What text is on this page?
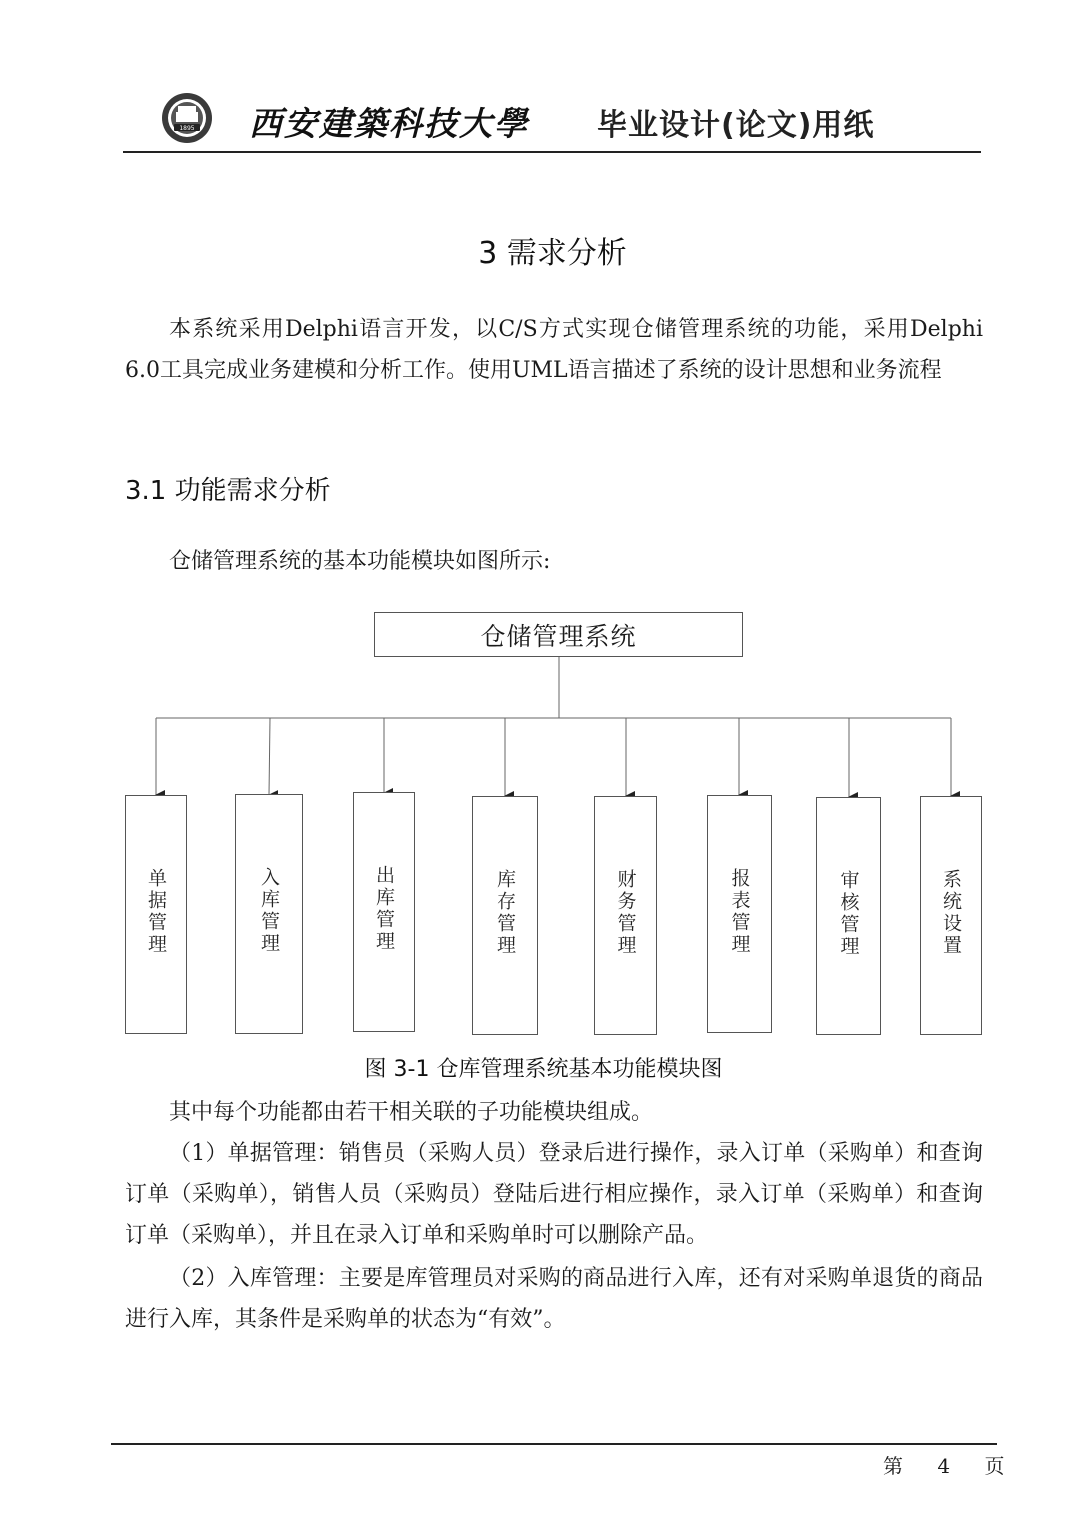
1895 西安建築科技大學 毕业设计(论文)用纸
3 需求分析

本系统采用Delphi语言开发，以C/S方式实现仓储管理系统的功能，采用Delphi 6.0工具完成业务建模和分析工作。使用UML语言描述了系统的设计思想和业务流程

3.1 功能需求分析

仓储管理系统的基本功能模块如图所示:

仓储管理系统
单据管理	入库管理	出库管理	库存管理	财务管理	报表管理	审核管理	系统设置
图 3-1 仓库管理系统基本功能模块图

其中每个功能都由若干相关联的子功能模块组成。

（1）单据管理：销售员（采购人员）登录后进行操作，录入订单（采购单）和查询订单（采购单），销售人员（采购员）登陆后进行相应操作，录入订单（采购单）和查询订单（采购单），并且在录入订单和采购单时可以删除产品。

（2）入库管理：主要是库管理员对采购的商品进行入库，还有对采购单退货的商品进行入库，其条件是采购单的状态为“有效”。

第 4 页
